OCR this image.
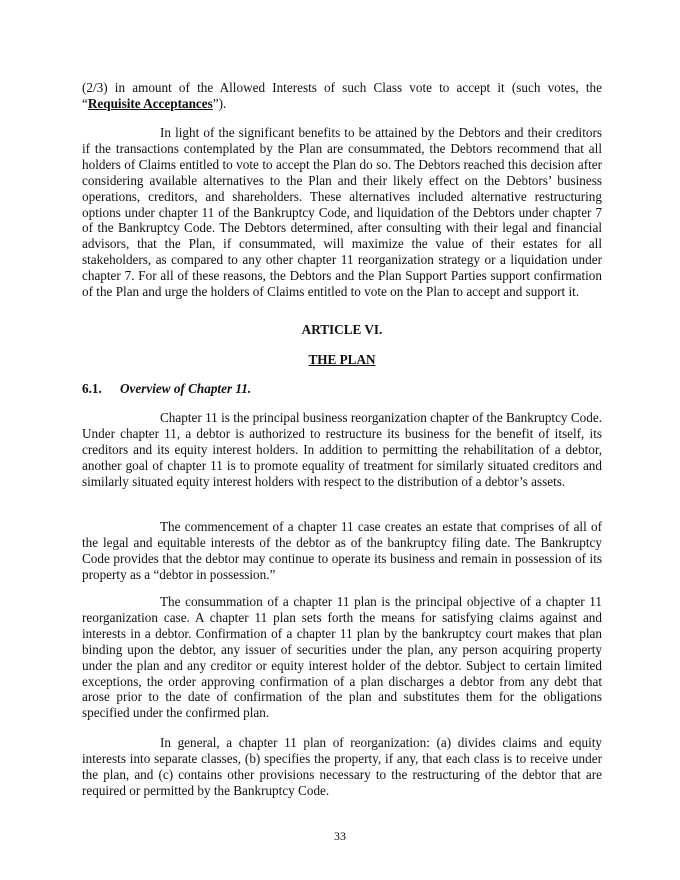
(2/3) in amount of the Allowed Interests of such Class vote to accept it (such votes, the “Requisite Acceptances”).

In light of the significant benefits to be attained by the Debtors and their creditors if the transactions contemplated by the Plan are consummated, the Debtors recommend that all holders of Claims entitled to vote to accept the Plan do so. The Debtors reached this decision after considering available alternatives to the Plan and their likely effect on the Debtors’ business operations, creditors, and shareholders. These alternatives included alternative restructuring options under chapter 11 of the Bankruptcy Code, and liquidation of the Debtors under chapter 7 of the Bankruptcy Code. The Debtors determined, after consulting with their legal and financial advisors, that the Plan, if consummated, will maximize the value of their estates for all stakeholders, as compared to any other chapter 11 reorganization strategy or a liquidation under chapter 7. For all of these reasons, the Debtors and the Plan Support Parties support confirmation of the Plan and urge the holders of Claims entitled to vote on the Plan to accept and support it.

ARTICLE VI.

THE PLAN

6.1. Overview of Chapter 11.

Chapter 11 is the principal business reorganization chapter of the Bankruptcy Code. Under chapter 11, a debtor is authorized to restructure its business for the benefit of itself, its creditors and its equity interest holders. In addition to permitting the rehabilitation of a debtor, another goal of chapter 11 is to promote equality of treatment for similarly situated creditors and similarly situated equity interest holders with respect to the distribution of a debtor’s assets.

The commencement of a chapter 11 case creates an estate that comprises of all of the legal and equitable interests of the debtor as of the bankruptcy filing date. The Bankruptcy Code provides that the debtor may continue to operate its business and remain in possession of its property as a “debtor in possession.”

The consummation of a chapter 11 plan is the principal objective of a chapter 11 reorganization case. A chapter 11 plan sets forth the means for satisfying claims against and interests in a debtor. Confirmation of a chapter 11 plan by the bankruptcy court makes that plan binding upon the debtor, any issuer of securities under the plan, any person acquiring property under the plan and any creditor or equity interest holder of the debtor. Subject to certain limited exceptions, the order approving confirmation of a plan discharges a debtor from any debt that arose prior to the date of confirmation of the plan and substitutes them for the obligations specified under the confirmed plan.

In general, a chapter 11 plan of reorganization: (a) divides claims and equity interests into separate classes, (b) specifies the property, if any, that each class is to receive under the plan, and (c) contains other provisions necessary to the restructuring of the debtor that are required or permitted by the Bankruptcy Code.

33
